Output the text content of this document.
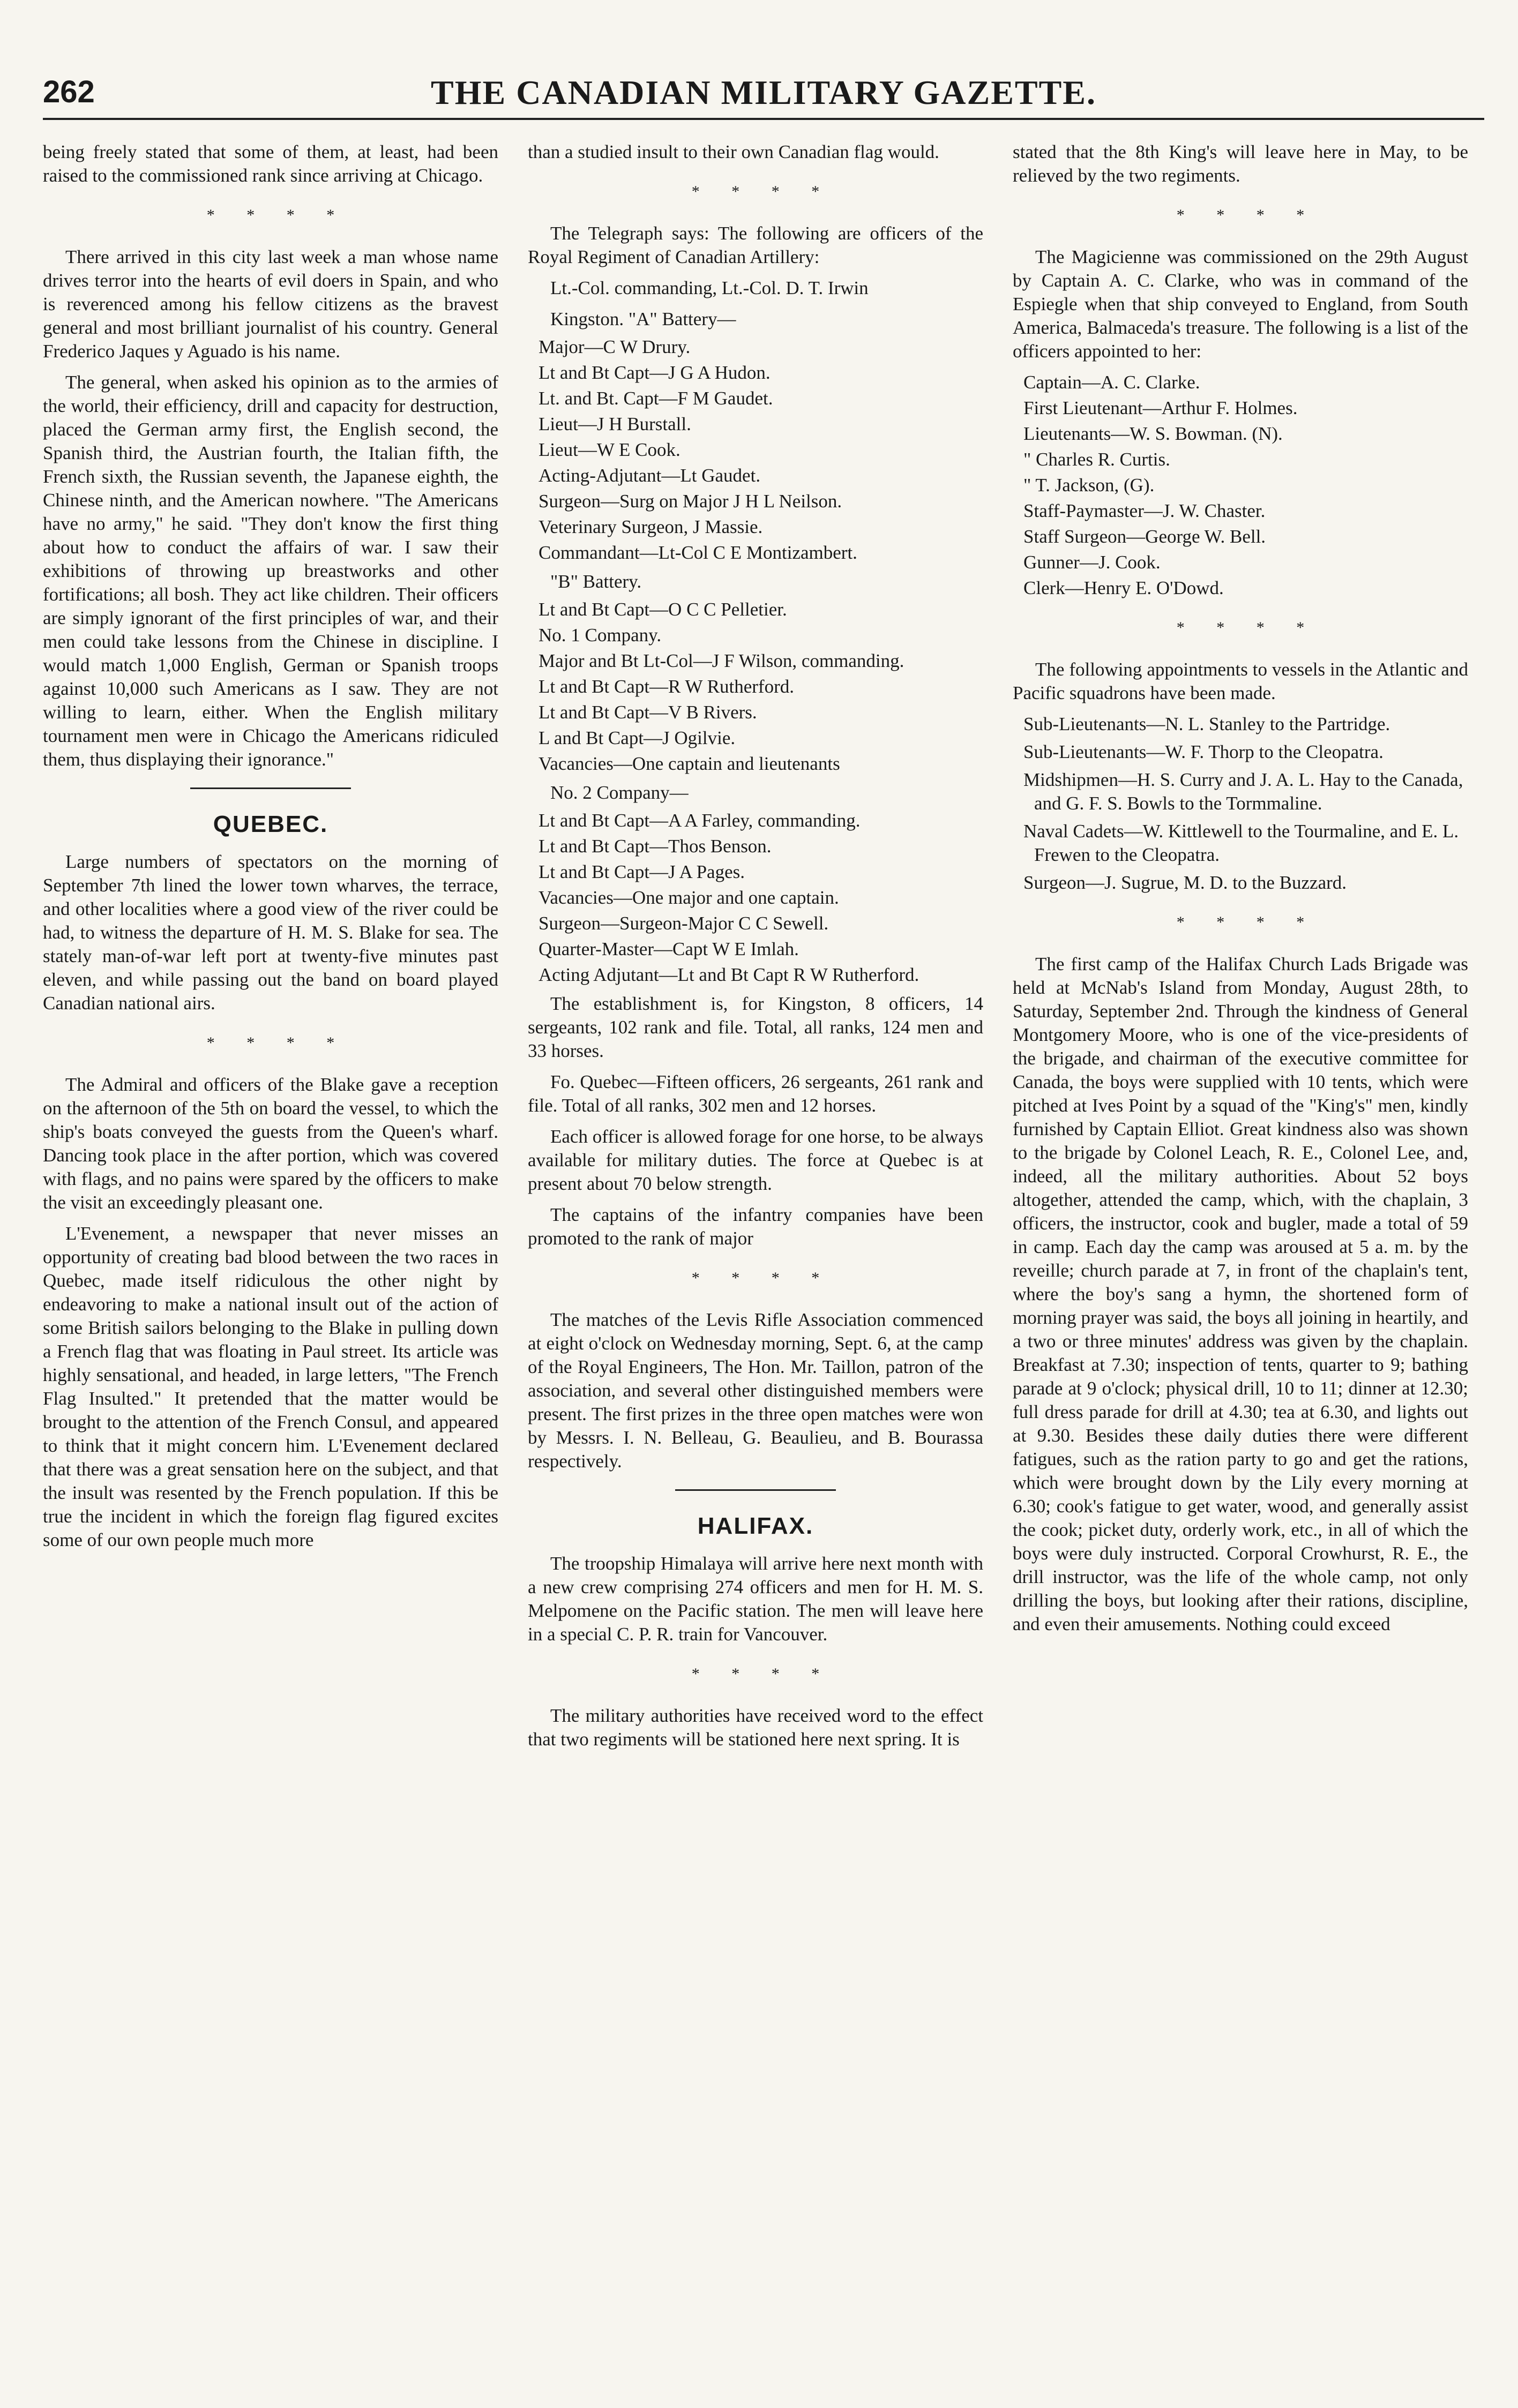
262	THE CANADIAN MILITARY GAZETTE.

being freely stated that some of them, at least, had been raised to the commissioned rank since arriving at Chicago.

* * * *

There arrived in this city last week a man whose name drives terror into the hearts of evil doers in Spain, and who is reverenced among his fellow citizens as the bravest general and most brilliant journalist of his country. General Frederico Jaques y Aguado is his name.

The general, when asked his opinion as to the armies of the world, their efficiency, drill and capacity for destruction, placed the German army first, the English second, the Spanish third, the Austrian fourth, the Italian fifth, the French sixth, the Russian seventh, the Japanese eighth, the Chinese ninth, and the American nowhere. "The Americans have no army," he said. "They don't know the first thing about how to conduct the affairs of war. I saw their exhibitions of throwing up breastworks and other fortifications; all bosh. They act like children. Their officers are simply ignorant of the first principles of war, and their men could take lessons from the Chinese in discipline. I would match 1,000 English, German or Spanish troops against 10,000 such Americans as I saw. They are not willing to learn, either. When the English military tournament men were in Chicago the Americans ridiculed them, thus displaying their ignorance."

QUEBEC.

Large numbers of spectators on the morning of September 7th lined the lower town wharves, the terrace, and other localities where a good view of the river could be had, to witness the departure of H. M. S. Blake for sea. The stately man-of-war left port at twenty-five minutes past eleven, and while passing out the band on board played Canadian national airs.

* * * *

The Admiral and officers of the Blake gave a reception on the afternoon of the 5th on board the vessel, to which the ship's boats conveyed the guests from the Queen's wharf. Dancing took place in the after portion, which was covered with flags, and no pains were spared by the officers to make the visit an exceedingly pleasant one.

L'Evenement, a newspaper that never misses an opportunity of creating bad blood between the two races in Quebec, made itself ridiculous the other night by endeavoring to make a national insult out of the action of some British sailors belonging to the Blake in pulling down a French flag that was floating in Paul street. Its article was highly sensational, and headed, in large letters, "The French Flag Insulted." It pretended that the matter would be brought to the attention of the French Consul, and appeared to think that it might concern him. L'Evenement declared that there was a great sensation here on the subject, and that the insult was resented by the French population. If this be true the incident in which the foreign flag figured excites some of our own people much more

than a studied insult to their own Canadian flag would.

* * * *

The Telegraph says: The following are officers of the Royal Regiment of Canadian Artillery:

Lt.-Col. commanding, Lt.-Col. D. T. Irwin

Kingston. "A" Battery—
Major—C W Drury.
Lt and Bt Capt—J G A Hudon.
Lt. and Bt. Capt—F M Gaudet.
Lieut—J H Burstall.
Lieut—W E Cook.
Acting-Adjutant—Lt Gaudet.
Surgeon—Surg on Major J H L Neilson.
Veterinary Surgeon, J Massie.
Commandant—Lt-Col C E Montizambert.
"B" Battery.
Lt and Bt Capt—O C C Pelletier.
No. 1 Company.
Major and Bt Lt-Col—J F Wilson, commanding.
Lt and Bt Capt—R W Rutherford.
Lt and Bt Capt—V B Rivers.
L and Bt Capt—J Ogilvie.
Vacancies—One captain and lieutenants
No. 2 Company—
Lt and Bt Capt—A A Farley, commanding.
Lt and Bt Capt—Thos Benson.
Lt and Bt Capt—J A Pages.
Vacancies—One major and one captain.
Surgeon—Surgeon-Major C C Sewell.
Quarter-Master—Capt W E Imlah.
Acting Adjutant—Lt and Bt Capt R W Rutherford.

The establishment is, for Kingston, 8 officers, 14 sergeants, 102 rank and file. Total, all ranks, 124 men and 33 horses.

Fo. Quebec—Fifteen officers, 26 sergeants, 261 rank and file. Total of all ranks, 302 men and 12 horses.

Each officer is allowed forage for one horse, to be always available for military duties. The force at Quebec is at present about 70 below strength.

The captains of the infantry companies have been promoted to the rank of major

* * * *

The matches of the Levis Rifle Association commenced at eight o'clock on Wednesday morning, Sept. 6, at the camp of the Royal Engineers, The Hon. Mr. Taillon, patron of the association, and several other distinguished members were present. The first prizes in the three open matches were won by Messrs. I. N. Belleau, G. Beaulieu, and B. Bourassa respectively.

HALIFAX.

The troopship Himalaya will arrive here next month with a new crew comprising 274 officers and men for H. M. S. Melpomene on the Pacific station. The men will leave here in a special C. P. R. train for Vancouver.

* * * *

The military authorities have received word to the effect that two regiments will be stationed here next spring. It is

stated that the 8th King's will leave here in May, to be relieved by the two regiments.

* * * *

The Magicienne was commissioned on the 29th August by Captain A. C. Clarke, who was in command of the Espiegle when that ship conveyed to England, from South America, Balmaceda's treasure. The following is a list of the officers appointed to her:

Captain—A. C. Clarke.
First Lieutenant—Arthur F. Holmes.
Lieutenants—W. S. Bowman. (N).
" Charles R. Curtis.
" T. Jackson, (G).
Staff-Paymaster—J. W. Chaster.
Staff Surgeon—George W. Bell.
Gunner—J. Cook.
Clerk—Henry E. O'Dowd.
* * * *

The following appointments to vessels in the Atlantic and Pacific squadrons have been made.

Sub-Lieutenants—N. L. Stanley to the Partridge.
Sub-Lieutenants—W. F. Thorp to the Cleopatra.
Midshipmen—H. S. Curry and J. A. L. Hay to the Canada, and G. F. S. Bowls to the Tormmaline.
Naval Cadets—W. Kittlewell to the Tourmaline, and E. L. Frewen to the Cleopatra.
Surgeon—J. Sugrue, M. D. to the Buzzard.
* * * *

The first camp of the Halifax Church Lads Brigade was held at McNab's Island from Monday, August 28th, to Saturday, September 2nd. Through the kindness of General Montgomery Moore, who is one of the vice-presidents of the brigade, and chairman of the executive committee for Canada, the boys were supplied with 10 tents, which were pitched at Ives Point by a squad of the "King's" men, kindly furnished by Captain Elliot. Great kindness also was shown to the brigade by Colonel Leach, R. E., Colonel Lee, and, indeed, all the military authorities. About 52 boys altogether, attended the camp, which, with the chaplain, 3 officers, the instructor, cook and bugler, made a total of 59 in camp. Each day the camp was aroused at 5 a. m. by the reveille; church parade at 7, in front of the chaplain's tent, where the boy's sang a hymn, the shortened form of morning prayer was said, the boys all joining in heartily, and a two or three minutes' address was given by the chaplain. Breakfast at 7.30; inspection of tents, quarter to 9; bathing parade at 9 o'clock; physical drill, 10 to 11; dinner at 12.30; full dress parade for drill at 4.30; tea at 6.30, and lights out at 9.30. Besides these daily duties there were different fatigues, such as the ration party to go and get the rations, which were brought down by the Lily every morning at 6.30; cook's fatigue to get water, wood, and generally assist the cook; picket duty, orderly work, etc., in all of which the boys were duly instructed. Corporal Crowhurst, R. E., the drill instructor, was the life of the whole camp, not only drilling the boys, but looking after their rations, discipline, and even their amusements. Nothing could exceed
